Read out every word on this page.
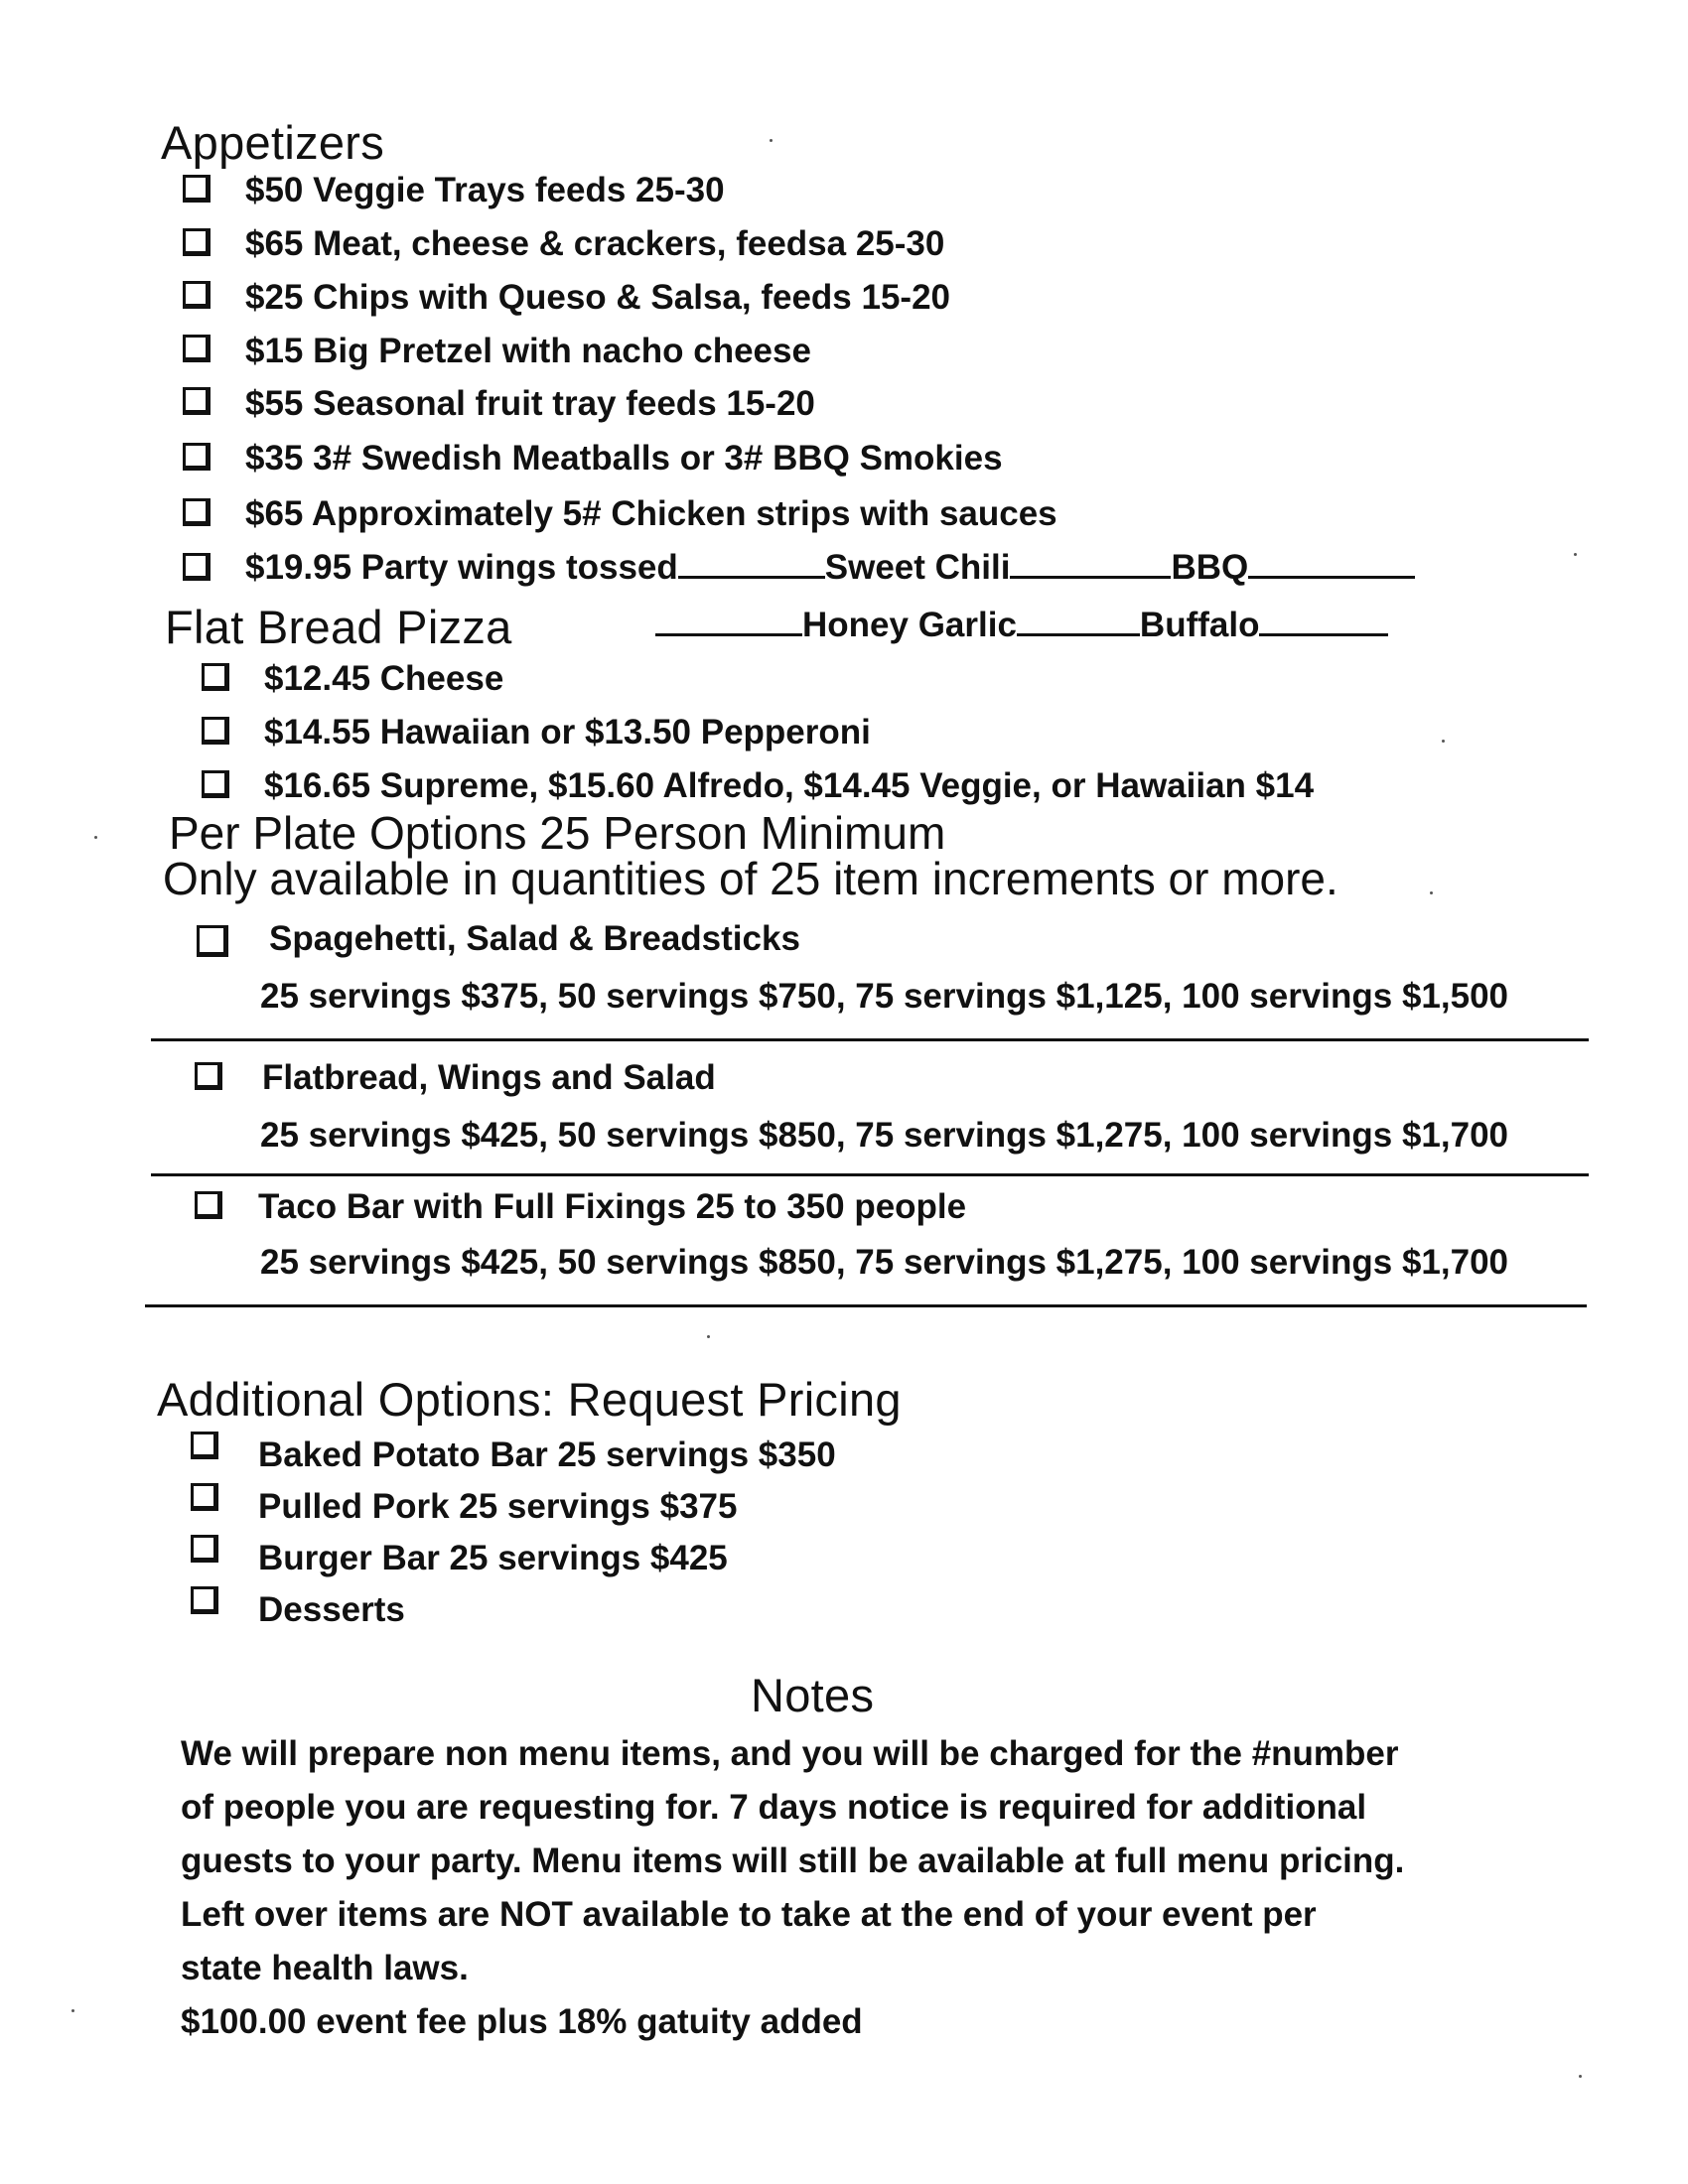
Appetizers
$50 Veggie Trays feeds 25-30
$65 Meat, cheese & crackers, feedsa 25-30
$25 Chips with Queso & Salsa, feeds 15-20
$15 Big Pretzel with nacho cheese
$55 Seasonal fruit tray feeds 15-20
$35 3# Swedish Meatballs or 3# BBQ Smokies
$65 Approximately 5# Chicken strips with sauces
$19.95 Party wings tossed	Sweet Chili	BBQ
Flat Bread Pizza	Honey Garlic	Buffalo
$12.45 Cheese
$14.55 Hawaiian or $13.50 Pepperoni
$16.65 Supreme, $15.60 Alfredo, $14.45 Veggie, or Hawaiian $14
Per Plate Options 25 Person Minimum
Only available in quantities of 25 item increments or more.
Spagehetti, Salad & Breadsticks
25 servings $375, 50 servings $750, 75 servings $1,125, 100 servings $1,500
Flatbread, Wings and Salad
25 servings $425, 50 servings $850, 75 servings $1,275, 100 servings $1,700
Taco Bar with Full Fixings 25 to 350 people
25 servings $425, 50 servings $850, 75 servings $1,275, 100 servings $1,700
Additional Options: Request Pricing
Baked Potato Bar 25 servings $350
Pulled Pork 25 servings $375
Burger Bar 25 servings $425
Desserts
Notes
We will prepare non menu items, and you will be charged for the #number
of people you are requesting for. 7 days notice is required for additional
guests to your party. Menu items will still be available at full menu pricing.
Left over items are NOT available to take at the end of your event per
state health laws.
$100.00 event fee plus 18% gatuity added
